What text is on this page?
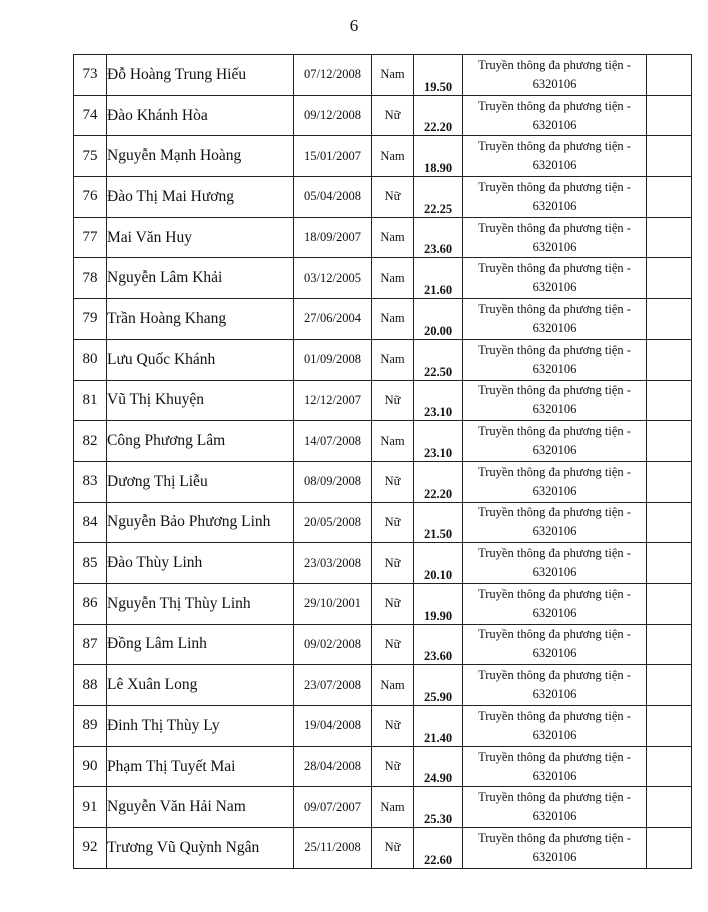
6
73	Đỗ Hoàng Trung Hiếu	07/12/2008	Nam	19.50	Truyền thông đa phương tiện -
6320106	

74	Đào Khánh Hòa	09/12/2008	Nữ	22.20	Truyền thông đa phương tiện -
6320106	

75	Nguyễn Mạnh Hoàng	15/01/2007	Nam	18.90	Truyền thông đa phương tiện -
6320106	

76	Đào Thị Mai Hương	05/04/2008	Nữ	22.25	Truyền thông đa phương tiện -
6320106	

77	Mai Văn Huy	18/09/2007	Nam	23.60	Truyền thông đa phương tiện -
6320106	

78	Nguyễn Lâm Khải	03/12/2005	Nam	21.60	Truyền thông đa phương tiện -
6320106	

79	Trần Hoàng Khang	27/06/2004	Nam	20.00	Truyền thông đa phương tiện -
6320106	

80	Lưu Quốc Khánh	01/09/2008	Nam	22.50	Truyền thông đa phương tiện -
6320106	

81	Vũ Thị Khuyện	12/12/2007	Nữ	23.10	Truyền thông đa phương tiện -
6320106	

82	Công Phương Lâm	14/07/2008	Nam	23.10	Truyền thông đa phương tiện -
6320106	

83	Dương Thị Liễu	08/09/2008	Nữ	22.20	Truyền thông đa phương tiện -
6320106	

84	Nguyễn Bảo Phương Linh	20/05/2008	Nữ	21.50	Truyền thông đa phương tiện -
6320106	

85	Đào Thùy Linh	23/03/2008	Nữ	20.10	Truyền thông đa phương tiện -
6320106	

86	Nguyễn Thị Thùy Linh	29/10/2001	Nữ	19.90	Truyền thông đa phương tiện -
6320106	

87	Đồng Lâm Linh	09/02/2008	Nữ	23.60	Truyền thông đa phương tiện -
6320106	

88	Lê Xuân Long	23/07/2008	Nam	25.90	Truyền thông đa phương tiện -
6320106	

89	Đinh Thị Thùy Ly	19/04/2008	Nữ	21.40	Truyền thông đa phương tiện -
6320106	

90	Phạm Thị Tuyết Mai	28/04/2008	Nữ	24.90	Truyền thông đa phương tiện -
6320106	

91	Nguyễn Văn Hải Nam	09/07/2007	Nam	25.30	Truyền thông đa phương tiện -
6320106	

92	Trương Vũ Quỳnh Ngân	25/11/2008	Nữ	22.60	Truyền thông đa phương tiện -
6320106	
